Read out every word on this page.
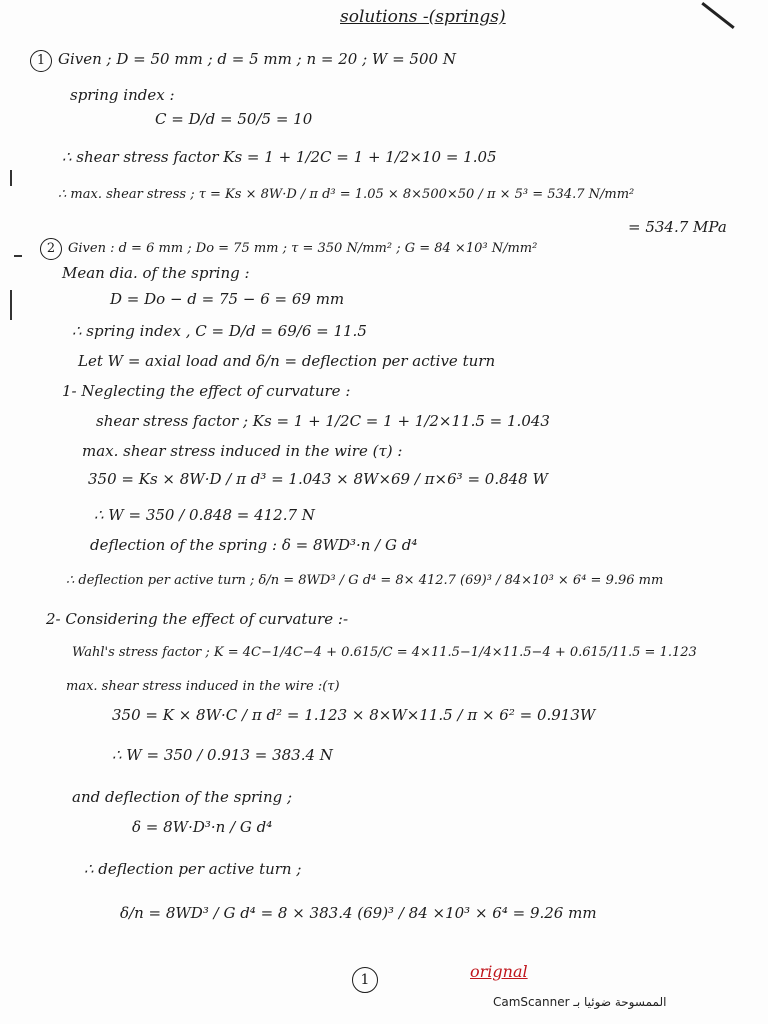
solutions -(springs)
1 Given ; D = 50 mm ; d = 5 mm ; n = 20 ; W = 500 N
spring index :
C = D/d = 50/5 = 10
∴ shear stress factor Ks = 1 + 1/2C = 1 + 1/2×10 = 1.05
∴ max. shear stress ; τ = Ks × 8W·D / π d³ = 1.05 × 8×500×50 / π × 5³ = 534.7 N/mm²
= 534.7 MPa
2 Given : d = 6 mm ; Do = 75 mm ; τ = 350 N/mm² ; G = 84 ×10³ N/mm²
Mean dia. of the spring :
D = Do − d = 75 − 6 = 69 mm
∴ spring index , C = D/d = 69/6 = 11.5
Let W = axial load and δ/n = deflection per active turn
1- Neglecting the effect of curvature :
shear stress factor ; Ks = 1 + 1/2C = 1 + 1/2×11.5 = 1.043
max. shear stress induced in the wire (τ) :
350 = Ks × 8W·D / π d³ = 1.043 × 8W×69 / π×6³ = 0.848 W
∴ W = 350 / 0.848 = 412.7 N
deflection of the spring : δ = 8WD³·n / G d⁴
∴ deflection per active turn ; δ/n = 8WD³ / G d⁴ = 8× 412.7 (69)³ / 84×10³ × 6⁴ = 9.96 mm
2- Considering the effect of curvature :-
Wahl's stress factor ; K = 4C−1/4C−4 + 0.615/C = 4×11.5−1/4×11.5−4 + 0.615/11.5 = 1.123
max. shear stress induced in the wire :(τ)
350 = K × 8W·C / π d² = 1.123 × 8×W×11.5 / π × 6² = 0.913W
∴ W = 350 / 0.913 = 383.4 N
and deflection of the spring ;
δ = 8W·D³·n / G d⁴
∴ deflection per active turn ;
δ/n = 8WD³ / G d⁴ = 8 × 383.4 (69)³ / 84 ×10³ × 6⁴ = 9.26 mm
1	orignal
CamScanner الممسوحة ضوئيا بـ
